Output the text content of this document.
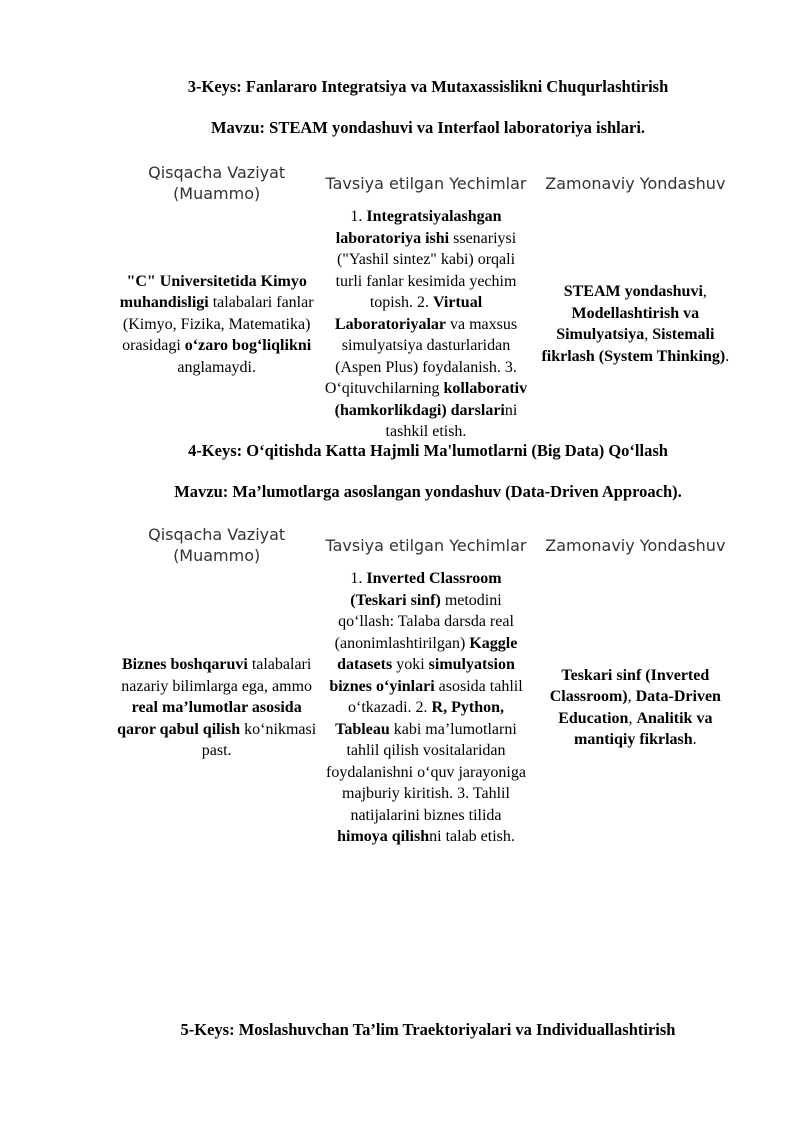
3-Keys: Fanlararo Integratsiya va Mutaxassislikni Chuqurlashtirish
Mavzu: STEAM yondashuvi va Interfaol laboratoriya ishlari.
Qisqacha Vaziyat (Muammo)	Tavsiya etilgan Yechimlar	Zamonaviy Yondashuv
"C" Universitetida Kimyo muhandisligi talabalari fanlar (Kimyo, Fizika, Matematika) orasidagi o‘zaro bog‘liqlikni anglamaydi.	1. Integratsiyalashgan laboratoriya ishi ssenariysi ("Yashil sintez" kabi) orqali turli fanlar kesimida yechim topish. 2. Virtual Laboratoriyalar va maxsus simulyatsiya dasturlaridan (Aspen Plus) foydalanish. 3. O‘qituvchilarning kollaborativ (hamkorlikdagi) darslarini tashkil etish.	STEAM yondashuvi, Modellashtirish va Simulyatsiya, Sistemali fikrlash (System Thinking).
4-Keys: O‘qitishda Katta Hajmli Ma'lumotlarni (Big Data) Qo‘llash
Mavzu: Ma’lumotlarga asoslangan yondashuv (Data-Driven Approach).
Qisqacha Vaziyat (Muammo)	Tavsiya etilgan Yechimlar	Zamonaviy Yondashuv
Biznes boshqaruvi talabalari nazariy bilimlarga ega, ammo real ma’lumotlar asosida qaror qabul qilish ko‘nikmasi past.	1. Inverted Classroom (Teskari sinf) metodini qo‘llash: Talaba darsda real (anonimlashtirilgan) Kaggle datasets yoki simulyatsion biznes o‘yinlari asosida tahlil o‘tkazadi. 2. R, Python, Tableau kabi ma’lumotlarni tahlil qilish vositalaridan foydalanishni o‘quv jarayoniga majburiy kiritish. 3. Tahlil natijalarini biznes tilida himoya qilishni talab etish.	Teskari sinf (Inverted Classroom), Data-Driven Education, Analitik va mantiqiy fikrlash.
5-Keys: Moslashuvchan Ta’lim Traektoriyalari va Individuallashtirish
